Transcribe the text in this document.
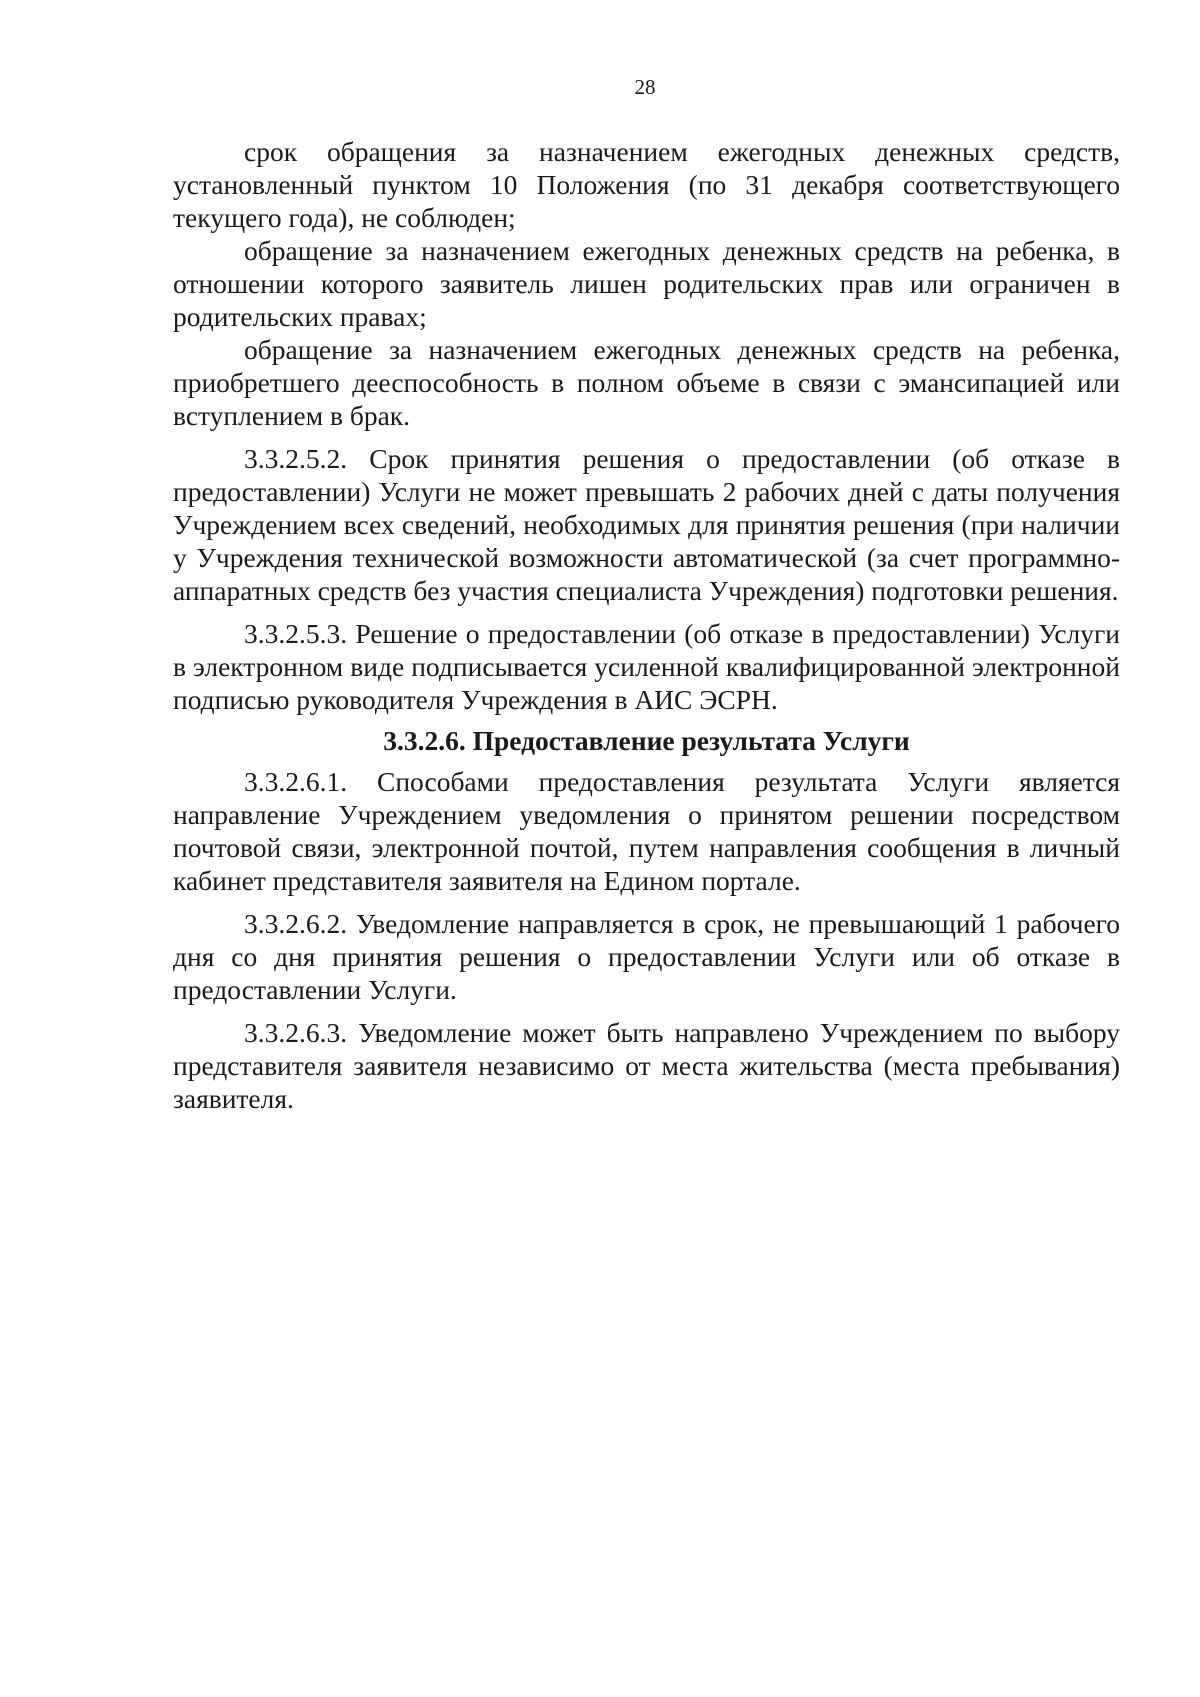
28

срок обращения за назначением ежегодных денежных средств, установленный пунктом 10 Положения (по 31 декабря соответствующего текущего года), не соблюден;

обращение за назначением ежегодных денежных средств на ребенка, в отношении которого заявитель лишен родительских прав или ограничен в родительских правах;

обращение за назначением ежегодных денежных средств на ребенка, приобретшего дееспособность в полном объеме в связи с эмансипацией или вступлением в брак.

3.3.2.5.2. Срок принятия решения о предоставлении (об отказе в предоставлении) Услуги не может превышать 2 рабочих дней с даты получения Учреждением всех сведений, необходимых для принятия решения (при наличии у Учреждения технической возможности автоматической (за счет программно-аппаратных средств без участия специалиста Учреждения) подготовки решения.

3.3.2.5.3. Решение о предоставлении (об отказе в предоставлении) Услуги в электронном виде подписывается усиленной квалифицированной электронной подписью руководителя Учреждения в АИС ЭСРН.

3.3.2.6. Предоставление результата Услуги

3.3.2.6.1. Способами предоставления результата Услуги является направление Учреждением уведомления о принятом решении посредством почтовой связи, электронной почтой, путем направления сообщения в личный кабинет представителя заявителя на Едином портале.

3.3.2.6.2. Уведомление направляется в срок, не превышающий 1 рабочего дня со дня принятия решения о предоставлении Услуги или об отказе в предоставлении Услуги.

3.3.2.6.3. Уведомление может быть направлено Учреждением по выбору представителя заявителя независимо от места жительства (места пребывания) заявителя.
